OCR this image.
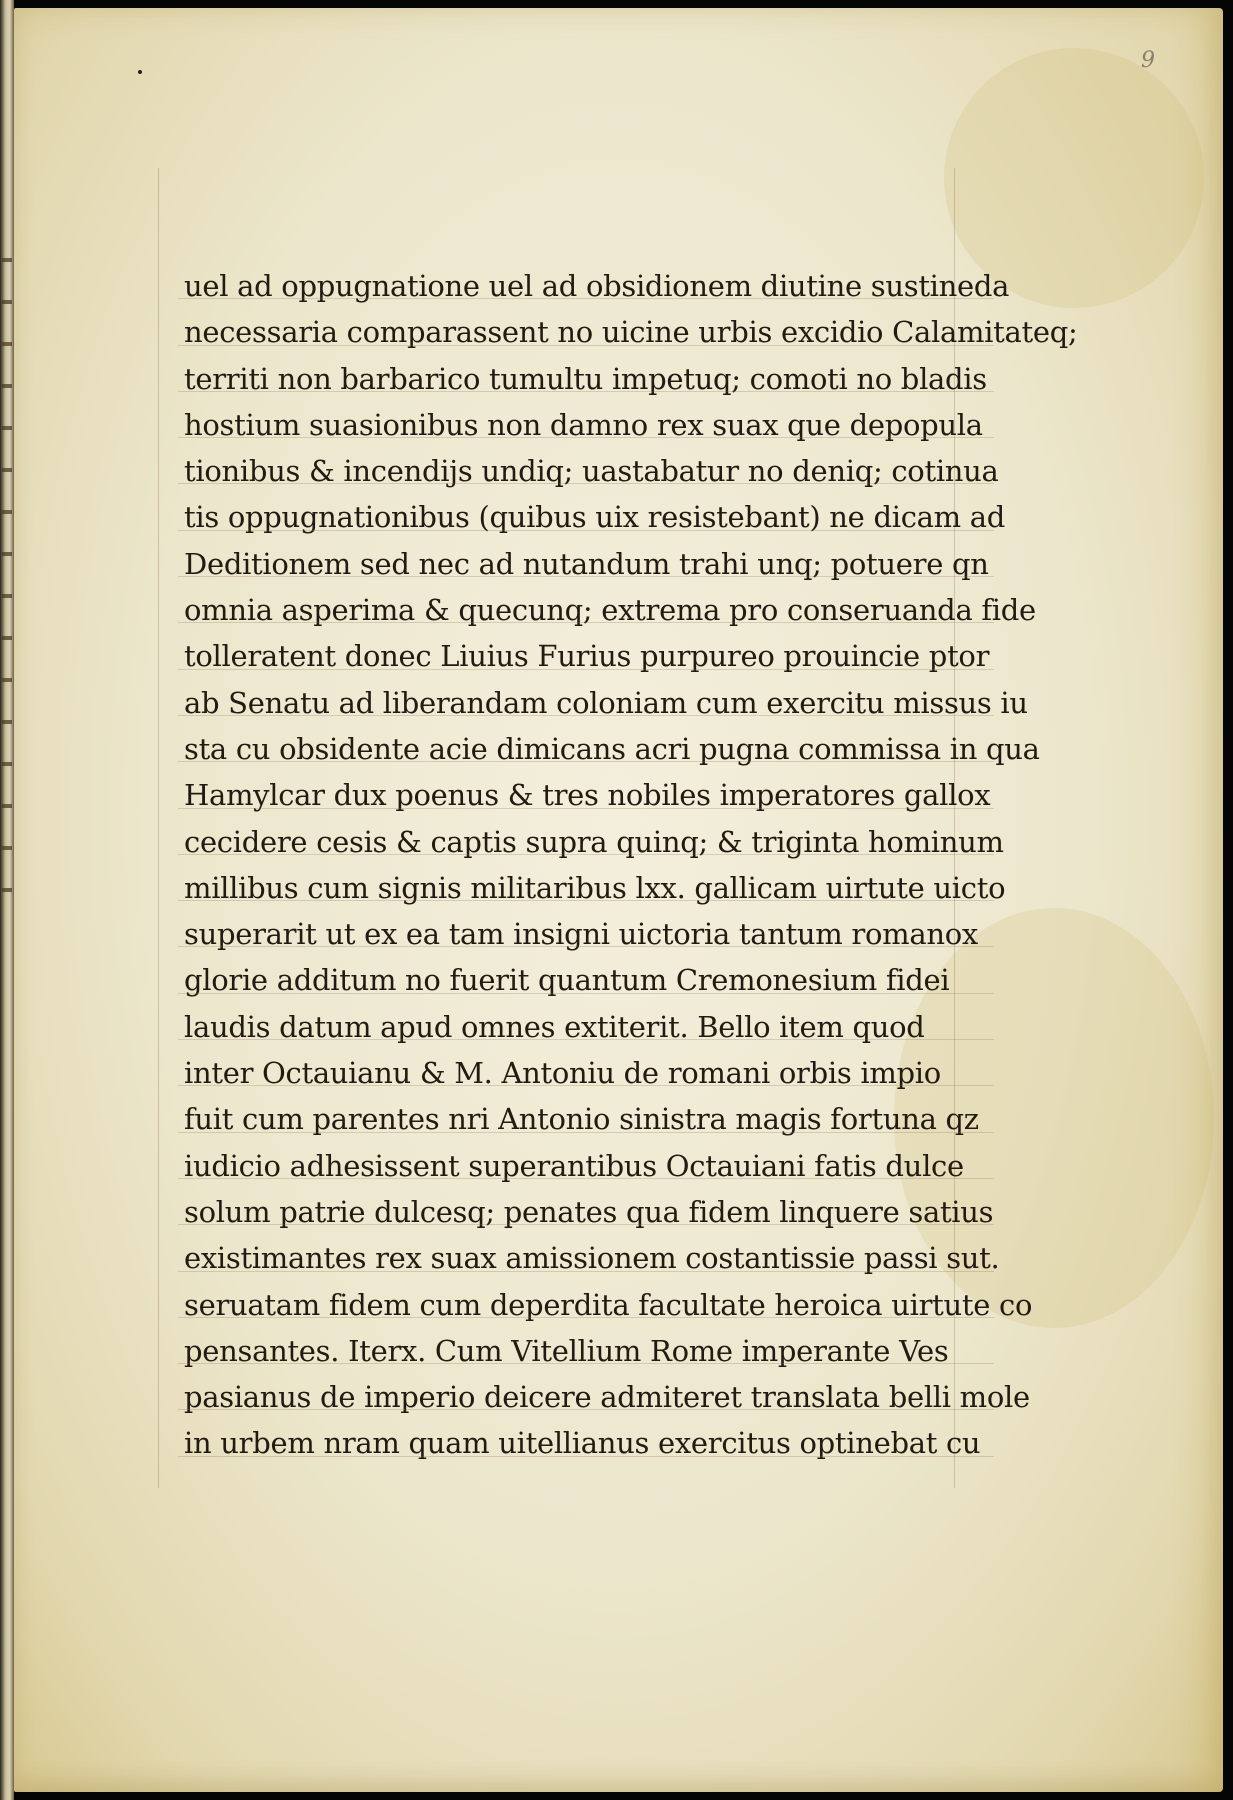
9
uel ad oppugnatione uel ad obsidionem diutine sustineda
necessaria comparassent no uicine urbis excidio Calamitateq;
territi non barbarico tumultu impetuq; comoti no bladis
hostium suasionibus non damno rex suax que depopula
tionibus & incendijs undiq; uastabatur no deniq; cotinua
tis oppugnationibus (quibus uix resistebant) ne dicam ad
Deditionem sed nec ad nutandum trahi unq; potuere qn
omnia asperima & quecunq; extrema pro conseruanda fide
tolleratent donec Liuius Furius purpureo prouincie ptor
ab Senatu ad liberandam coloniam cum exercitu missus iu
sta cu obsidente acie dimicans acri pugna commissa in qua
Hamylcar dux poenus & tres nobiles imperatores gallox
cecidere cesis & captis supra quinq; & triginta hominum
millibus cum signis militaribus lxx. gallicam uirtute uicto
superarit ut ex ea tam insigni uictoria tantum romanox
glorie additum no fuerit quantum Cremonesium fidei
laudis datum apud omnes extiterit. Bello item quod
inter Octauianu & M. Antoniu de romani orbis impio
fuit cum parentes nri Antonio sinistra magis fortuna qz
iudicio adhesissent superantibus Octauiani fatis dulce
solum patrie dulcesq; penates qua fidem linquere satius
existimantes rex suax amissionem costantissie passi sut.
seruatam fidem cum deperdita facultate heroica uirtute co
pensantes. Iterx. Cum Vitellium Rome imperante Ves
pasianus de imperio deicere admiteret translata belli mole
in urbem nram quam uitellianus exercitus optinebat cu
